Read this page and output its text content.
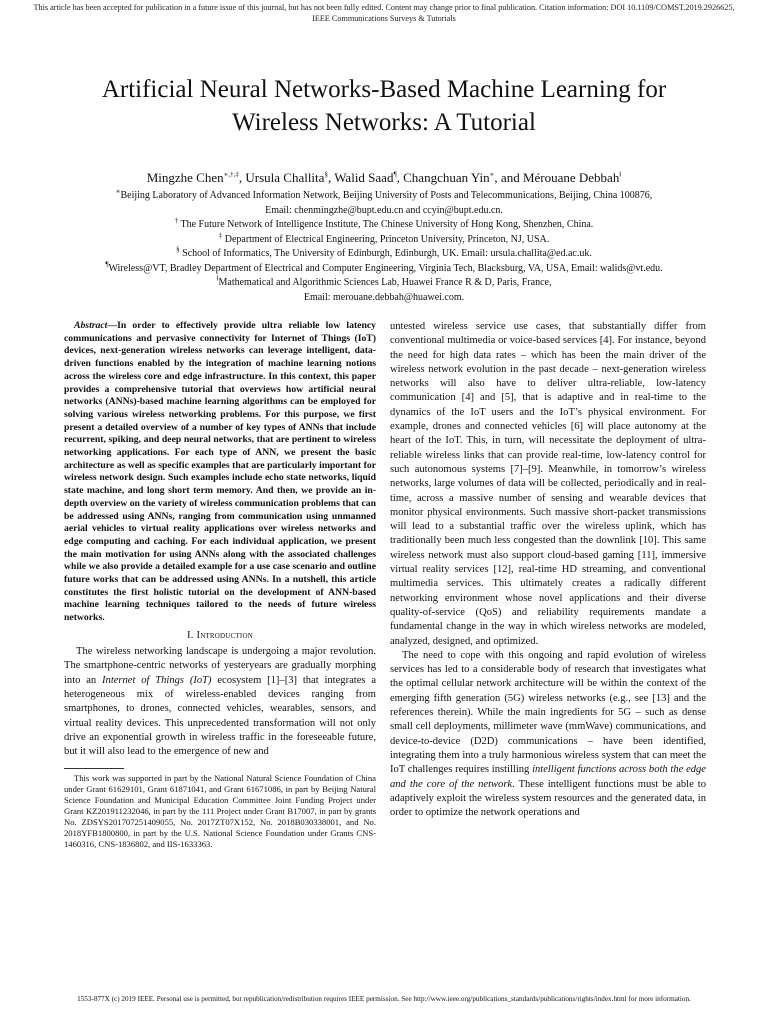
This article has been accepted for publication in a future issue of this journal, but has not been fully edited. Content may change prior to final publication. Citation information: DOI 10.1109/COMST.2019.2926625, IEEE Communications Surveys & Tutorials
Artificial Neural Networks-Based Machine Learning for
Wireless Networks: A Tutorial
Mingzhe Chen∗,†,‡, Ursula Challita§, Walid Saad¶, Changchuan Yin∗, and Mérouane Debbah‖
∗Beijing Laboratory of Advanced Information Network, Beijing University of Posts and Telecommunications, Beijing, China 100876,
Email: chenmingzhe@bupt.edu.cn and ccyin@bupt.edu.cn.
† The Future Network of Intelligence Institute, The Chinese University of Hong Kong, Shenzhen, China.
‡ Department of Electrical Engineering, Princeton University, Princeton, NJ, USA.
§ School of Informatics, The University of Edinburgh, Edinburgh, UK. Email: ursula.challita@ed.ac.uk.
¶Wireless@VT, Bradley Department of Electrical and Computer Engineering, Virginia Tech, Blacksburg, VA, USA, Email: walids@vt.edu.
‖Mathematical and Algorithmic Sciences Lab, Huawei France R & D, Paris, France,
Email: merouane.debbah@huawei.com.

Abstract—In order to effectively provide ultra reliable low latency communications and pervasive connectivity for Internet of Things (IoT) devices, next-generation wireless networks can leverage intelligent, data-driven functions enabled by the integration of machine learning notions across the wireless core and edge infrastructure. In this context, this paper provides a comprehensive tutorial that overviews how artificial neural networks (ANNs)-based machine learning algorithms can be employed for solving various wireless networking problems. For this purpose, we first present a detailed overview of a number of key types of ANNs that include recurrent, spiking, and deep neural networks, that are pertinent to wireless networking applications. For each type of ANN, we present the basic architecture as well as specific examples that are particularly important for wireless network design. Such examples include echo state networks, liquid state machine, and long short term memory. And then, we provide an in-depth overview on the variety of wireless communication problems that can be addressed using ANNs, ranging from communication using unmanned aerial vehicles to virtual reality applications over wireless networks and edge computing and caching. For each individual application, we present the main motivation for using ANNs along with the associated challenges while we also provide a detailed example for a use case scenario and outline future works that can be addressed using ANNs. In a nutshell, this article constitutes the first holistic tutorial on the development of ANN-based machine learning techniques tailored to the needs of future wireless networks.

I. Introduction

The wireless networking landscape is undergoing a major revolution. The smartphone-centric networks of yesteryears are gradually morphing into an Internet of Things (IoT) ecosystem [1]–[3] that integrates a heterogeneous mix of wireless-enabled devices ranging from smartphones, to drones, connected vehicles, wearables, sensors, and virtual reality devices. This unprecedented transformation will not only drive an exponential growth in wireless traffic in the foreseeable future, but it will also lead to the emergence of new and

This work was supported in part by the National Natural Science Foundation of China under Grant 61629101, Grant 61871041, and Grant 61671086, in part by Beijing Natural Science Foundation and Municipal Education Committee Joint Funding Project under Grant KZ201911232046, in part by the 111 Project under Grant B17007, in part by grants No. ZDSYS201707251409055, No. 2017ZT07X152, No. 2018B030338001, and No. 2018YFB1800800, in part by the U.S. National Science Foundation under Grants CNS-1460316, CNS-1836802, and IIS-1633363.

untested wireless service use cases, that substantially differ from conventional multimedia or voice-based services [4]. For instance, beyond the need for high data rates – which has been the main driver of the wireless network evolution in the past decade – next-generation wireless networks will also have to deliver ultra-reliable, low-latency communication [4] and [5], that is adaptive and in real-time to the dynamics of the IoT users and the IoT’s physical environment. For example, drones and connected vehicles [6] will place autonomy at the heart of the IoT. This, in turn, will necessitate the deployment of ultra-reliable wireless links that can provide real-time, low-latency control for such autonomous systems [7]–[9]. Meanwhile, in tomorrow’s wireless networks, large volumes of data will be collected, periodically and in real-time, across a massive number of sensing and wearable devices that monitor physical environments. Such massive short-packet transmissions will lead to a substantial traffic over the wireless uplink, which has traditionally been much less congested than the downlink [10]. This same wireless network must also support cloud-based gaming [11], immersive virtual reality services [12], real-time HD streaming, and conventional multimedia services. This ultimately creates a radically different networking environment whose novel applications and their diverse quality-of-service (QoS) and reliability requirements mandate a fundamental change in the way in which wireless networks are modeled, analyzed, designed, and optimized.

The need to cope with this ongoing and rapid evolution of wireless services has led to a considerable body of research that investigates what the optimal cellular network architecture will be within the context of the emerging fifth generation (5G) wireless networks (e.g., see [13] and the references therein). While the main ingredients for 5G – such as dense small cell deployments, millimeter wave (mmWave) communications, and device-to-device (D2D) communications – have been identified, integrating them into a truly harmonious wireless system that can meet the IoT challenges requires instilling intelligent functions across both the edge and the core of the network. These intelligent functions must be able to adaptively exploit the wireless system resources and the generated data, in order to optimize the network operations and

1553-877X (c) 2019 IEEE. Personal use is permitted, but republication/redistribution requires IEEE permission. See http://www.ieee.org/publications_standards/publications/rights/index.html for more information.
